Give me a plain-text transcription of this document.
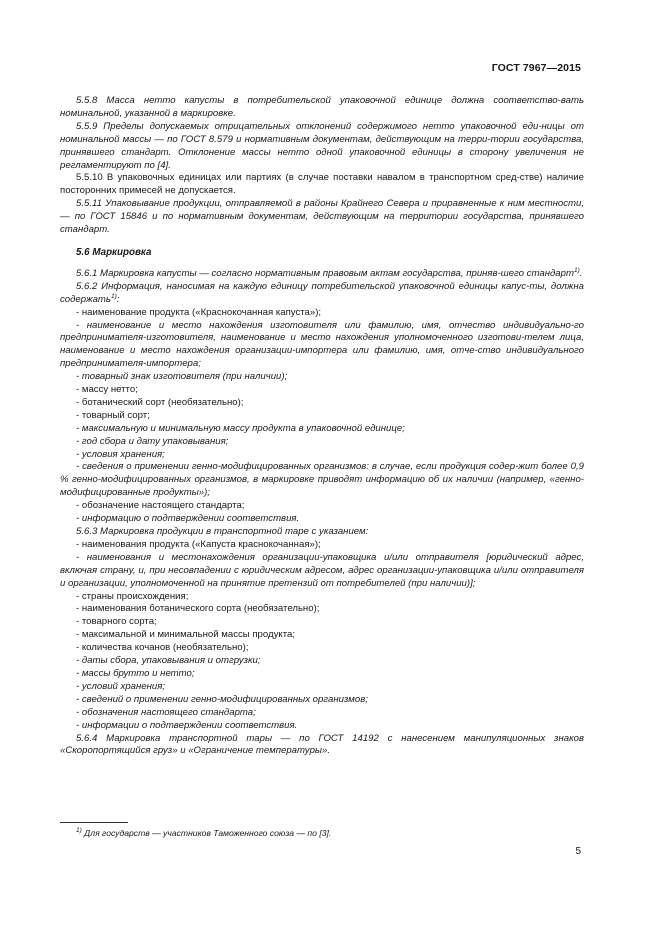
ГОСТ 7967—2015

5.5.8 Масса нетто капусты в потребительской упаковочной единице должна соответство-вать номинальной, указанной в маркировке.

5.5.9 Пределы допускаемых отрицательных отклонений содержимого нетто упаковочной еди-ницы от номинальной массы — по ГОСТ 8.579 и нормативным документам, действующим на терри-тории государства, принявшего стандарт. Отклонение массы нетто одной упаковочной единицы в сторону увеличения не регламентируют по [4].

5.5.10 В упаковочных единицах или партиях (в случае поставки навалом в транспортном сред-стве) наличие посторонних примесей не допускается.

5.5.11 Упаковывание продукции, отправляемой в районы Крайнего Севера и приравненные к ним местности, — по ГОСТ 15846 и по нормативным документам, действующим на территории государства, принявшего стандарт.

5.6 Маркировка

5.6.1 Маркировка капусты — согласно нормативным правовым актам государства, приняв-шего стандарт$^{1)}$.

5.6.2 Информация, наносимая на каждую единицу потребительской упаковочной единицы капус-ты, должна содержать$^{1)}$:

- наименование продукта («Краснокочанная капуста»);

- наименование и место нахождения изготовителя или фамилию, имя, отчество индивидуально-го предпринимателя-изготовителя, наименование и место нахождения уполномоченного изготови-телем лица, наименование и место нахождения организации-импортера или фамилию, имя, отче-ство индивидуального предпринимателя-импортера;

- товарный знак изготовителя (при наличии);

- массу нетто;

- ботанический сорт (необязательно);

- товарный сорт;

- максимальную и минимальную массу продукта в упаковочной единице;

- год сбора и дату упаковывания;

- условия хранения;

- сведения о применении генно-модифицированных организмов: в случае, если продукция содер-жит более 0,9 % генно-модифицированных организмов, в маркировке приводят информацию об их наличии (например, «генно-модифицированные продукты»);

- обозначение настоящего стандарта;

- информацию о подтверждении соответствия.

5.6.3 Маркировка продукции в транспортной таре с указанием:

- наименования продукта («Капуста краснокочанная»);

- наименования и местонахождения организации-упаковщика и/или отправителя [юридический адрес, включая страну, и, при несовпадении с юридическим адресом, адрес организации-упаковщика и/или отправителя и организации, уполномоченной на принятие претензий от потребителей (при наличии)];

- страны происхождения;

- наименования ботанического сорта (необязательно);

- товарного сорта;

- максимальной и минимальной массы продукта;

- количества кочанов (необязательно);

- даты сбора, упаковывания и отгрузки;

- массы брутто и нетто;

- условий хранения;

- сведений о применении генно-модифицированных организмов;

- обозначения настоящего стандарта;

- информации о подтверждении соответствия.

5.6.4 Маркировка транспортной тары — по ГОСТ 14192 с нанесением манипуляционных знаков «Скоропортящийся груз» и «Ограничение температуры».

$^{1)}$ Для государств — участников Таможенного союза — по [3].
5
